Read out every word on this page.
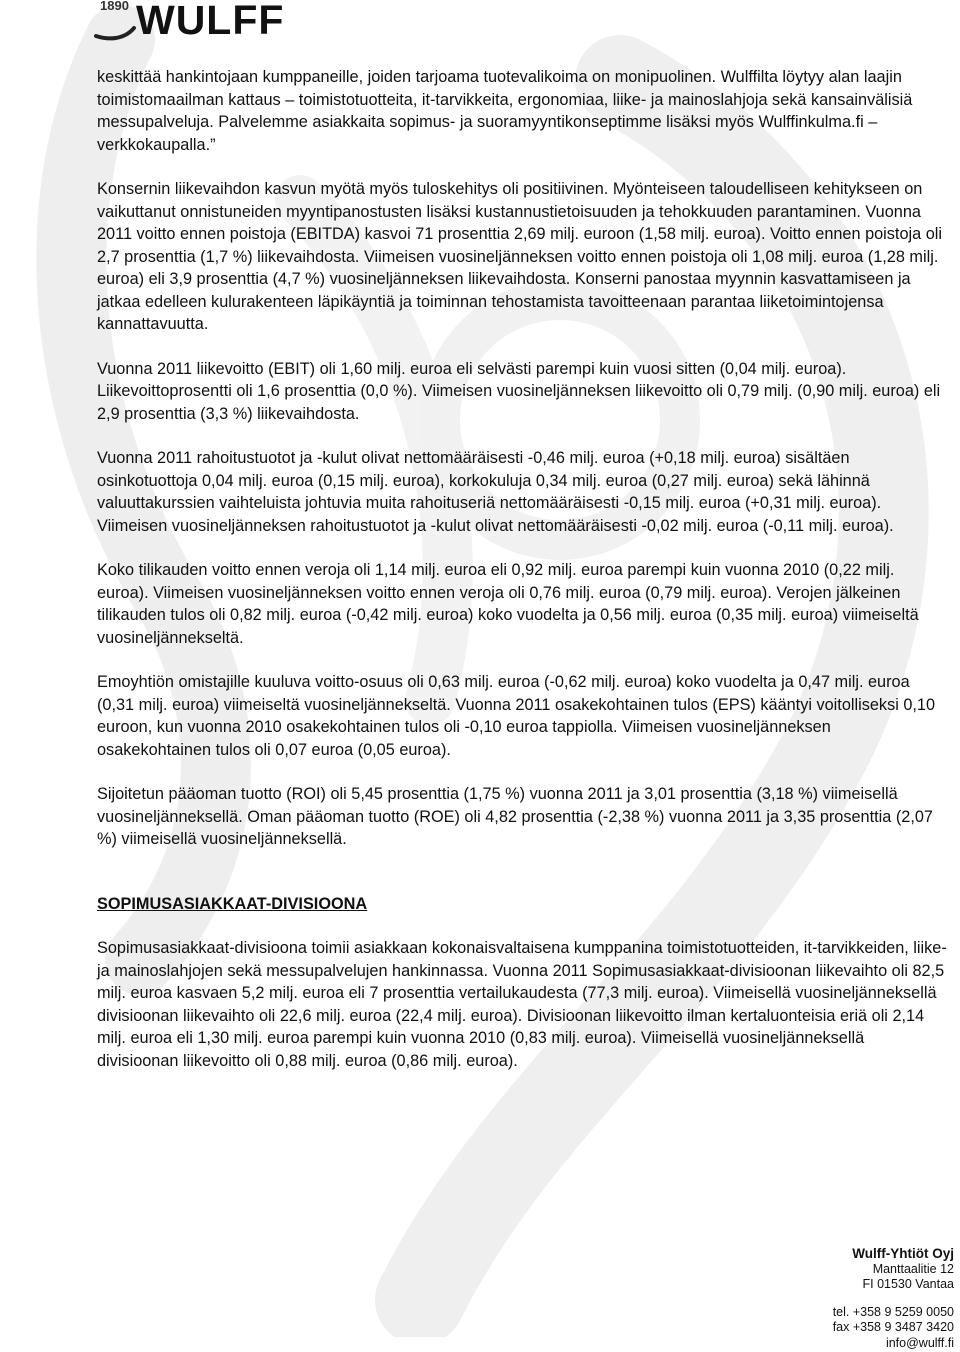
1890 WULFF

keskittää hankintojaan kumppaneille, joiden tarjoama tuotevalikoima on monipuolinen. Wulffilta löytyy alan laajin toimistomaailman kattaus – toimistotuotteita, it-tarvikkeita, ergonomiaa, liike- ja mainoslahjoja sekä kansainvälisiä messupalveluja. Palvelemme asiakkaita sopimus- ja suoramyyntikonseptimme lisäksi myös Wulffinkulma.fi –verkkokaupalla.”

Konsernin liikevaihdon kasvun myötä myös tuloskehitys oli positiivinen. Myönteiseen taloudelliseen kehitykseen on vaikuttanut onnistuneiden myyntipanostusten lisäksi kustannustietoisuuden ja tehokkuuden parantaminen. Vuonna 2011 voitto ennen poistoja (EBITDA) kasvoi 71 prosenttia 2,69 milj. euroon (1,58 milj. euroa). Voitto ennen poistoja oli 2,7 prosenttia (1,7 %) liikevaihdosta. Viimeisen vuosineljänneksen voitto ennen poistoja oli 1,08 milj. euroa (1,28 milj. euroa) eli 3,9 prosenttia (4,7 %) vuosineljänneksen liikevaihdosta. Konserni panostaa myynnin kasvattamiseen ja jatkaa edelleen kulurakenteen läpikäyntiä ja toiminnan tehostamista tavoitteenaan parantaa liiketoimintojensa kannattavuutta.

Vuonna 2011 liikevoitto (EBIT) oli 1,60 milj. euroa eli selvästi parempi kuin vuosi sitten (0,04 milj. euroa). Liikevoittoprosentti oli 1,6 prosenttia (0,0 %). Viimeisen vuosineljänneksen liikevoitto oli 0,79 milj. (0,90 milj. euroa) eli 2,9 prosenttia (3,3 %) liikevaihdosta.

Vuonna 2011 rahoitustuotot ja -kulut olivat nettomääräisesti -0,46 milj. euroa (+0,18 milj. euroa) sisältäen osinkotuottoja 0,04 milj. euroa (0,15 milj. euroa), korkokuluja 0,34 milj. euroa (0,27 milj. euroa) sekä lähinnä valuuttakurssien vaihteluista johtuvia muita rahoituseriä nettomääräisesti -0,15 milj. euroa (+0,31 milj. euroa). Viimeisen vuosineljänneksen rahoitustuotot ja -kulut olivat nettomääräisesti -0,02 milj. euroa (-0,11 milj. euroa).

Koko tilikauden voitto ennen veroja oli 1,14 milj. euroa eli 0,92 milj. euroa parempi kuin vuonna 2010 (0,22 milj. euroa). Viimeisen vuosineljänneksen voitto ennen veroja oli 0,76 milj. euroa (0,79 milj. euroa). Verojen jälkeinen tilikauden tulos oli 0,82 milj. euroa (-0,42 milj. euroa) koko vuodelta ja 0,56 milj. euroa (0,35 milj. euroa) viimeiseltä vuosineljännekseltä.

Emoyhtiön omistajille kuuluva voitto-osuus oli 0,63 milj. euroa (-0,62 milj. euroa) koko vuodelta ja 0,47 milj. euroa (0,31 milj. euroa) viimeiseltä vuosineljännekseltä. Vuonna 2011 osakekohtainen tulos (EPS) kääntyi voitolliseksi 0,10 euroon, kun vuonna 2010 osakekohtainen tulos oli -0,10 euroa tappiolla. Viimeisen vuosineljänneksen osakekohtainen tulos oli 0,07 euroa (0,05 euroa).

Sijoitetun pääoman tuotto (ROI) oli 5,45 prosenttia (1,75 %) vuonna 2011 ja 3,01 prosenttia (3,18 %) viimeisellä vuosineljänneksellä. Oman pääoman tuotto (ROE) oli 4,82 prosenttia (-2,38 %) vuonna 2011 ja 3,35 prosenttia (2,07 %) viimeisellä vuosineljänneksellä.

SOPIMUSASIAKKAAT-DIVISIOONA

Sopimusasiakkaat-divisioona toimii asiakkaan kokonaisvaltaisena kumppanina toimistotuotteiden, it-tarvikkeiden, liike- ja mainoslahjojen sekä messupalvelujen hankinnassa. Vuonna 2011 Sopimusasiakkaat-divisioonan liikevaihto oli 82,5 milj. euroa kasvaen 5,2 milj. euroa eli 7 prosenttia vertailukaudesta (77,3 milj. euroa). Viimeisellä vuosineljänneksellä divisioonan liikevaihto oli 22,6 milj. euroa (22,4 milj. euroa). Divisioonan liikevoitto ilman kertaluonteisia eriä oli 2,14 milj. euroa eli 1,30 milj. euroa parempi kuin vuonna 2010 (0,83 milj. euroa). Viimeisellä vuosineljänneksellä divisioonan liikevoitto oli 0,88 milj. euroa (0,86 milj. euroa).

Wulff-Yhtiöt Oyj
Manttaalitie 12
FI 01530 Vantaa
tel. +358 9 5259 0050
fax +358 9 3487 3420
info@wulff.fi
